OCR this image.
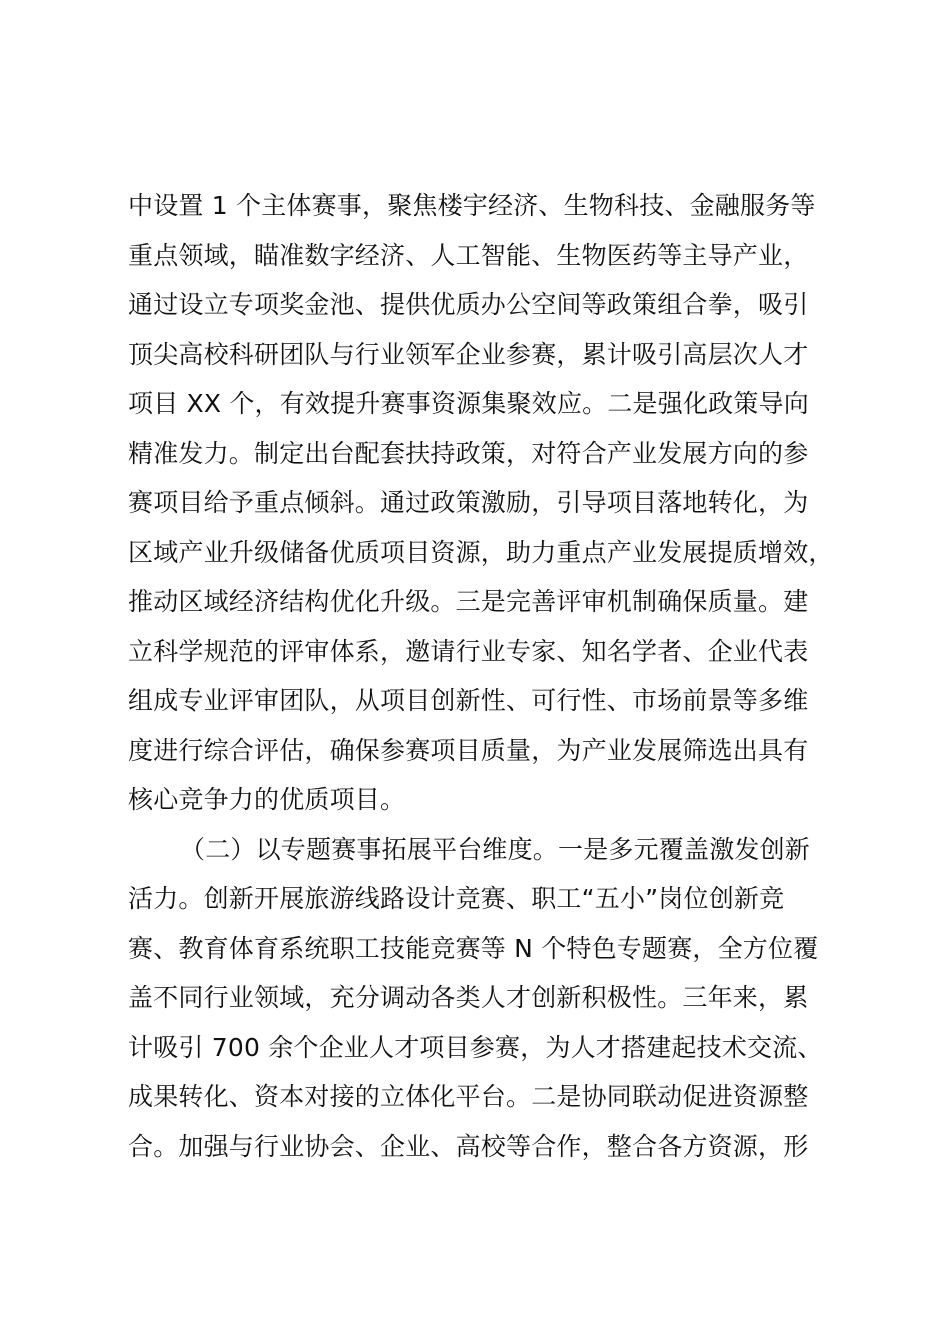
中设置 1 个主体赛事，聚焦楼宇经济、生物科技、金融服务等
重点领域，瞄准数字经济、人工智能、生物医药等主导产业，
通过设立专项奖金池、提供优质办公空间等政策组合拳，吸引
顶尖高校科研团队与行业领军企业参赛，累计吸引高层次人才
项目 XX 个，有效提升赛事资源集聚效应。二是强化政策导向
精准发力。制定出台配套扶持政策，对符合产业发展方向的参
赛项目给予重点倾斜。通过政策激励，引导项目落地转化，为
区域产业升级储备优质项目资源，助力重点产业发展提质增效，
推动区域经济结构优化升级。三是完善评审机制确保质量。建
立科学规范的评审体系，邀请行业专家、知名学者、企业代表
组成专业评审团队，从项目创新性、可行性、市场前景等多维
度进行综合评估，确保参赛项目质量，为产业发展筛选出具有
核心竞争力的优质项目。
（二）以专题赛事拓展平台维度。一是多元覆盖激发创新
活力。创新开展旅游线路设计竞赛、职工“五小”岗位创新竞
赛、教育体育系统职工技能竞赛等 N 个特色专题赛，全方位覆
盖不同行业领域，充分调动各类人才创新积极性。三年来，累
计吸引 700 余个企业人才项目参赛，为人才搭建起技术交流、
成果转化、资本对接的立体化平台。二是协同联动促进资源整
合。加强与行业协会、企业、高校等合作，整合各方资源，形
